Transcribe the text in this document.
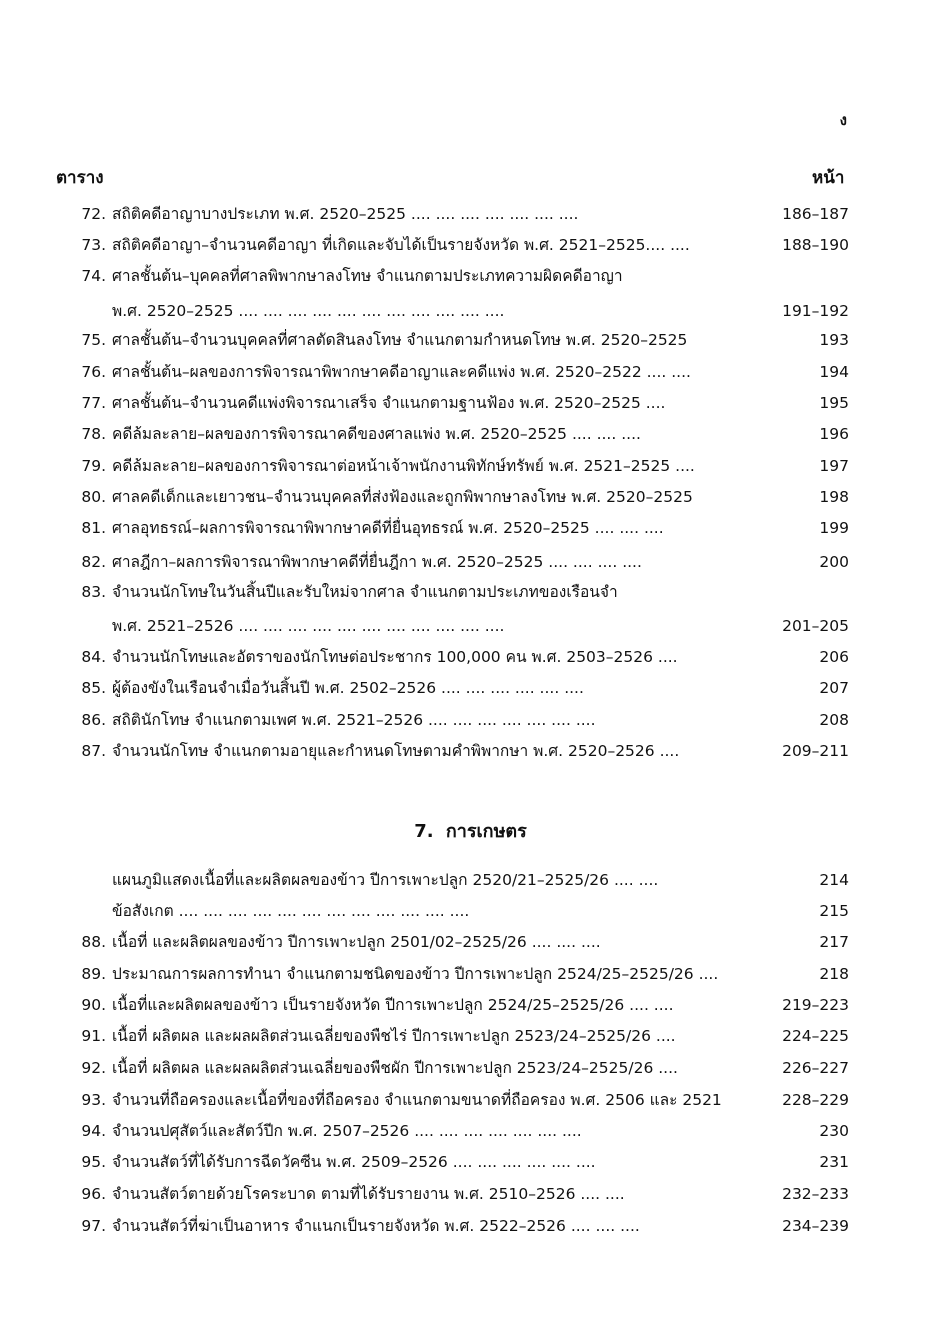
ง
ตาราง	หน้า
72. สถิติคดีอาญาบางประเภท พ.ศ. 2520–2525 .... .... .... .... .... .... ....	186–187
73. สถิติคดีอาญา–จำนวนคดีอาญา ที่เกิดและจับได้เป็นรายจังหวัด พ.ศ. 2521–2525.... ....	188–190
74. ศาลชั้นต้น–บุคคลที่ศาลพิพากษาลงโทษ จำแนกตามประเภทความผิดคดีอาญา
พ.ศ. 2520–2525 .... .... .... .... .... .... .... .... .... .... ....	191–192
75. ศาลชั้นต้น–จำนวนบุคคลที่ศาลตัดสินลงโทษ จำแนกตามกำหนดโทษ พ.ศ. 2520–2525	193
76. ศาลชั้นต้น–ผลของการพิจารณาพิพากษาคดีอาญาและคดีแพ่ง พ.ศ. 2520–2522 .... ....	194
77. ศาลชั้นต้น–จำนวนคดีแพ่งพิจารณาเสร็จ จำแนกตามฐานฟ้อง พ.ศ. 2520–2525 ....	195
78. คดีล้มละลาย–ผลของการพิจารณาคดีของศาลแพ่ง พ.ศ. 2520–2525 .... .... ....	196
79. คดีล้มละลาย–ผลของการพิจารณาต่อหน้าเจ้าพนักงานพิทักษ์ทรัพย์ พ.ศ. 2521–2525 ....	197
80. ศาลคดีเด็กและเยาวชน–จำนวนบุคคลที่ส่งฟ้องและถูกพิพากษาลงโทษ พ.ศ. 2520–2525	198
81. ศาลอุทธรณ์–ผลการพิจารณาพิพากษาคดีที่ยื่นอุทธรณ์ พ.ศ. 2520–2525 .... .... ....	199
82. ศาลฎีกา–ผลการพิจารณาพิพากษาคดีที่ยื่นฎีกา พ.ศ. 2520–2525 .... .... .... ....	200
83. จำนวนนักโทษในวันสิ้นปีและรับใหม่จากศาล จำแนกตามประเภทของเรือนจำ
พ.ศ. 2521–2526 .... .... .... .... .... .... .... .... .... .... ....	201–205
84. จำนวนนักโทษและอัตราของนักโทษต่อประชากร 100,000 คน พ.ศ. 2503–2526 ....	206
85. ผู้ต้องขังในเรือนจำเมื่อวันสิ้นปี พ.ศ. 2502–2526 .... .... .... .... .... ....	207
86. สถิตินักโทษ จำแนกตามเพศ พ.ศ. 2521–2526 .... .... .... .... .... .... ....	208
87. จำนวนนักโทษ จำแนกตามอายุและกำหนดโทษตามคำพิพากษา พ.ศ. 2520–2526 ....	209–211
7. การเกษตร
แผนภูมิแสดงเนื้อที่และผลิตผลของข้าว ปีการเพาะปลูก 2520/21–2525/26 .... ....	214
ข้อสังเกต .... .... .... .... .... .... .... .... .... .... .... ....	215
88. เนื้อที่ และผลิตผลของข้าว ปีการเพาะปลูก 2501/02–2525/26 .... .... ....	217
89. ประมาณการผลการทำนา จำแนกตามชนิดของข้าว ปีการเพาะปลูก 2524/25–2525/26 ....	218
90. เนื้อที่และผลิตผลของข้าว เป็นรายจังหวัด ปีการเพาะปลูก 2524/25–2525/26 .... ....	219–223
91. เนื้อที่ ผลิตผล และผลผลิตส่วนเฉลี่ยของพืชไร่ ปีการเพาะปลูก 2523/24–2525/26 ....	224–225
92. เนื้อที่ ผลิตผล และผลผลิตส่วนเฉลี่ยของพืชผัก ปีการเพาะปลูก 2523/24–2525/26 ....	226–227
93. จำนวนที่ถือครองและเนื้อที่ของที่ถือครอง จำแนกตามขนาดที่ถือครอง พ.ศ. 2506 และ 2521	228–229
94. จำนวนปศุสัตว์และสัตว์ปีก พ.ศ. 2507–2526 .... .... .... .... .... .... ....	230
95. จำนวนสัตว์ที่ได้รับการฉีดวัคซีน พ.ศ. 2509–2526 .... .... .... .... .... ....	231
96. จำนวนสัตว์ตายด้วยโรคระบาด ตามที่ได้รับรายงาน พ.ศ. 2510–2526 .... ....	232–233
97. จำนวนสัตว์ที่ฆ่าเป็นอาหาร จำแนกเป็นรายจังหวัด พ.ศ. 2522–2526 .... .... ....	234–239
